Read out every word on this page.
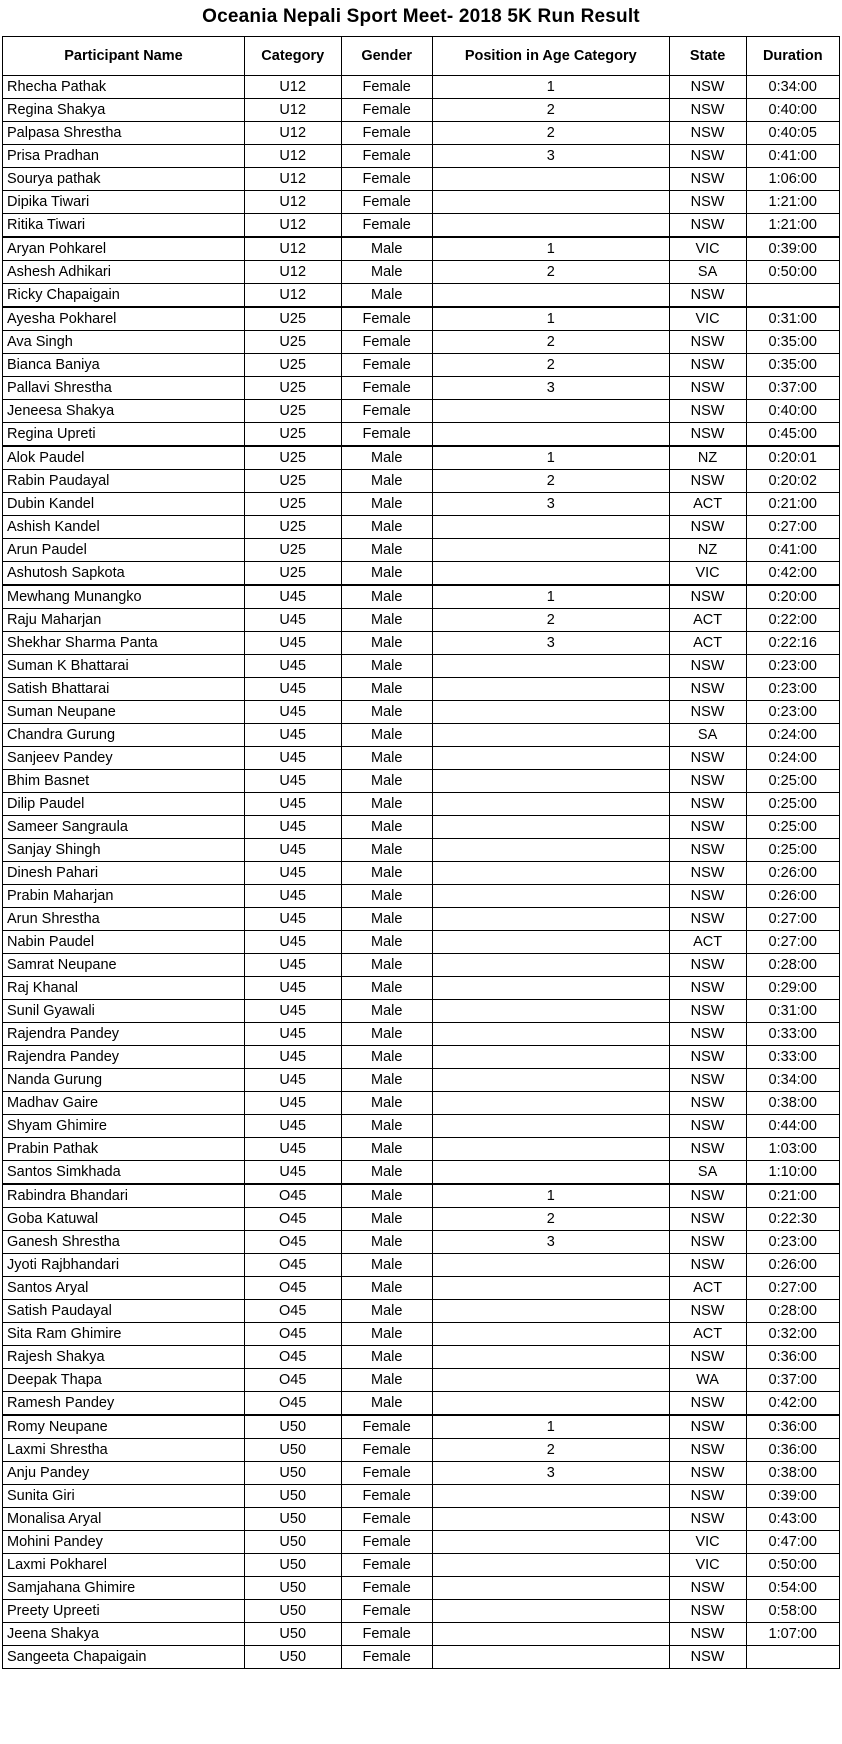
Oceania Nepali Sport Meet- 2018 5K Run Result
Participant Name	Category	Gender	Position in Age Category	State	Duration
Rhecha Pathak	U12	Female	1	NSW	0:34:00
Regina Shakya	U12	Female	2	NSW	0:40:00
Palpasa Shrestha	U12	Female	2	NSW	0:40:05
Prisa Pradhan	U12	Female	3	NSW	0:41:00
Sourya pathak	U12	Female		NSW	1:06:00
Dipika Tiwari	U12	Female		NSW	1:21:00
Ritika Tiwari	U12	Female		NSW	1:21:00
Aryan Pohkarel	U12	Male	1	VIC	0:39:00
Ashesh Adhikari	U12	Male	2	SA	0:50:00
Ricky Chapaigain	U12	Male		NSW	
Ayesha Pokharel	U25	Female	1	VIC	0:31:00
Ava Singh	U25	Female	2	NSW	0:35:00
Bianca Baniya	U25	Female	2	NSW	0:35:00
Pallavi Shrestha	U25	Female	3	NSW	0:37:00
Jeneesa Shakya	U25	Female		NSW	0:40:00
Regina Upreti	U25	Female		NSW	0:45:00
Alok Paudel	U25	Male	1	NZ	0:20:01
Rabin Paudayal	U25	Male	2	NSW	0:20:02
Dubin Kandel	U25	Male	3	ACT	0:21:00
Ashish Kandel	U25	Male		NSW	0:27:00
Arun Paudel	U25	Male		NZ	0:41:00
Ashutosh Sapkota	U25	Male		VIC	0:42:00
Mewhang Munangko	U45	Male	1	NSW	0:20:00
Raju Maharjan	U45	Male	2	ACT	0:22:00
Shekhar Sharma Panta	U45	Male	3	ACT	0:22:16
Suman K Bhattarai	U45	Male		NSW	0:23:00
Satish Bhattarai	U45	Male		NSW	0:23:00
Suman Neupane	U45	Male		NSW	0:23:00
Chandra Gurung	U45	Male		SA	0:24:00
Sanjeev Pandey	U45	Male		NSW	0:24:00
Bhim Basnet	U45	Male		NSW	0:25:00
Dilip Paudel	U45	Male		NSW	0:25:00
Sameer Sangraula	U45	Male		NSW	0:25:00
Sanjay Shingh	U45	Male		NSW	0:25:00
Dinesh Pahari	U45	Male		NSW	0:26:00
Prabin Maharjan	U45	Male		NSW	0:26:00
Arun Shrestha	U45	Male		NSW	0:27:00
Nabin Paudel	U45	Male		ACT	0:27:00
Samrat Neupane	U45	Male		NSW	0:28:00
Raj Khanal	U45	Male		NSW	0:29:00
Sunil Gyawali	U45	Male		NSW	0:31:00
Rajendra Pandey	U45	Male		NSW	0:33:00
Rajendra Pandey	U45	Male		NSW	0:33:00
Nanda Gurung	U45	Male		NSW	0:34:00
Madhav Gaire	U45	Male		NSW	0:38:00
Shyam Ghimire	U45	Male		NSW	0:44:00
Prabin Pathak	U45	Male		NSW	1:03:00
Santos Simkhada	U45	Male		SA	1:10:00
Rabindra Bhandari	O45	Male	1	NSW	0:21:00
Goba Katuwal	O45	Male	2	NSW	0:22:30
Ganesh Shrestha	O45	Male	3	NSW	0:23:00
Jyoti Rajbhandari	O45	Male		NSW	0:26:00
Santos Aryal	O45	Male		ACT	0:27:00
Satish Paudayal	O45	Male		NSW	0:28:00
Sita Ram Ghimire	O45	Male		ACT	0:32:00
Rajesh Shakya	O45	Male		NSW	0:36:00
Deepak Thapa	O45	Male		WA	0:37:00
Ramesh Pandey	O45	Male		NSW	0:42:00
Romy Neupane	U50	Female	1	NSW	0:36:00
Laxmi Shrestha	U50	Female	2	NSW	0:36:00
Anju Pandey	U50	Female	3	NSW	0:38:00
Sunita Giri	U50	Female		NSW	0:39:00
Monalisa Aryal	U50	Female		NSW	0:43:00
Mohini Pandey	U50	Female		VIC	0:47:00
Laxmi Pokharel	U50	Female		VIC	0:50:00
Samjahana Ghimire	U50	Female		NSW	0:54:00
Preety Upreeti	U50	Female		NSW	0:58:00
Jeena Shakya	U50	Female		NSW	1:07:00
Sangeeta Chapaigain	U50	Female		NSW	
